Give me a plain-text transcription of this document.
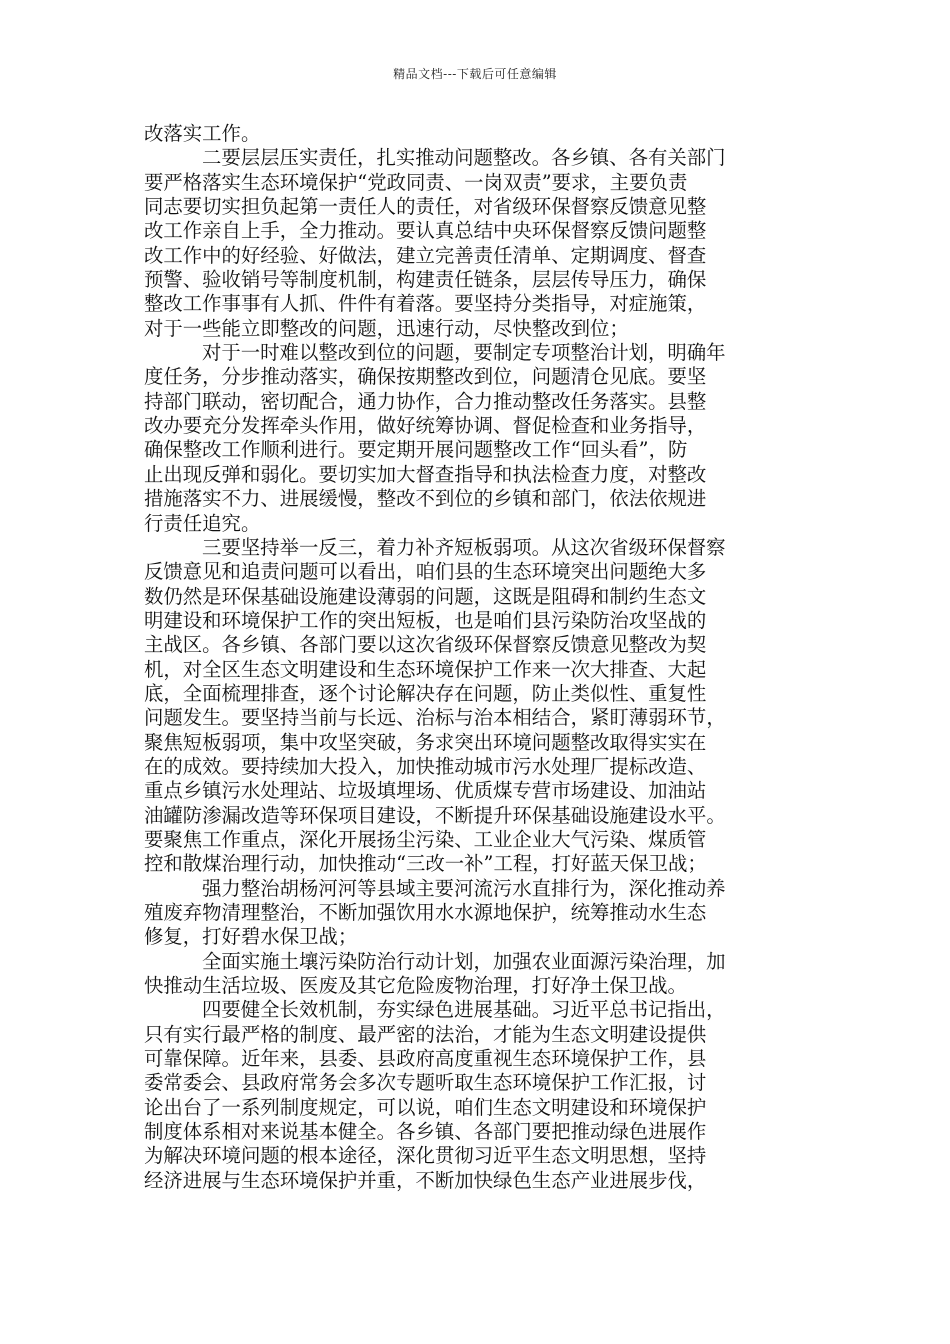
精品文档---下载后可任意编辑
改落实工作。
二要层层压实责任，扎实推动问题整改。各乡镇、各有关部门
要严格落实生态环境保护“党政同责、一岗双责”要求，主要负责
同志要切实担负起第一责任人的责任，对省级环保督察反馈意见整
改工作亲自上手，全力推动。要认真总结中央环保督察反馈问题整
改工作中的好经验、好做法，建立完善责任清单、定期调度、督查
预警、验收销号等制度机制，构建责任链条，层层传导压力，确保
整改工作事事有人抓、件件有着落。要坚持分类指导，对症施策，
对于一些能立即整改的问题，迅速行动，尽快整改到位；
对于一时难以整改到位的问题，要制定专项整治计划，明确年
度任务，分步推动落实，确保按期整改到位，问题清仓见底。要坚
持部门联动，密切配合，通力协作，合力推动整改任务落实。县整
改办要充分发挥牵头作用，做好统筹协调、督促检查和业务指导，
确保整改工作顺利进行。要定期开展问题整改工作“回头看”，防
止出现反弹和弱化。要切实加大督查指导和执法检查力度，对整改
措施落实不力、进展缓慢，整改不到位的乡镇和部门，依法依规进
行责任追究。
三要坚持举一反三，着力补齐短板弱项。从这次省级环保督察
反馈意见和追责问题可以看出，咱们县的生态环境突出问题绝大多
数仍然是环保基础设施建设薄弱的问题，这既是阻碍和制约生态文
明建设和环境保护工作的突出短板，也是咱们县污染防治攻坚战的
主战区。各乡镇、各部门要以这次省级环保督察反馈意见整改为契
机，对全区生态文明建设和生态环境保护工作来一次大排查、大起
底，全面梳理排查，逐个讨论解决存在问题，防止类似性、重复性
问题发生。要坚持当前与长远、治标与治本相结合，紧盯薄弱环节，
聚焦短板弱项，集中攻坚突破，务求突出环境问题整改取得实实在
在的成效。要持续加大投入，加快推动城市污水处理厂提标改造、
重点乡镇污水处理站、垃圾填埋场、优质煤专营市场建设、加油站
油罐防渗漏改造等环保项目建设，不断提升环保基础设施建设水平。
要聚焦工作重点，深化开展扬尘污染、工业企业大气污染、煤质管
控和散煤治理行动，加快推动“三改一补”工程，打好蓝天保卫战；
强力整治胡杨河河等县域主要河流污水直排行为，深化推动养
殖废弃物清理整治，不断加强饮用水水源地保护，统筹推动水生态
修复，打好碧水保卫战；
全面实施土壤污染防治行动计划，加强农业面源污染治理，加
快推动生活垃圾、医废及其它危险废物治理，打好净土保卫战。
四要健全长效机制，夯实绿色进展基础。习近平总书记指出，
只有实行最严格的制度、最严密的法治，才能为生态文明建设提供
可靠保障。近年来，县委、县政府高度重视生态环境保护工作，县
委常委会、县政府常务会多次专题听取生态环境保护工作汇报，讨
论出台了一系列制度规定，可以说，咱们生态文明建设和环境保护
制度体系相对来说基本健全。各乡镇、各部门要把推动绿色进展作
为解决环境问题的根本途径，深化贯彻习近平生态文明思想，坚持
经济进展与生态环境保护并重，不断加快绿色生态产业进展步伐，
